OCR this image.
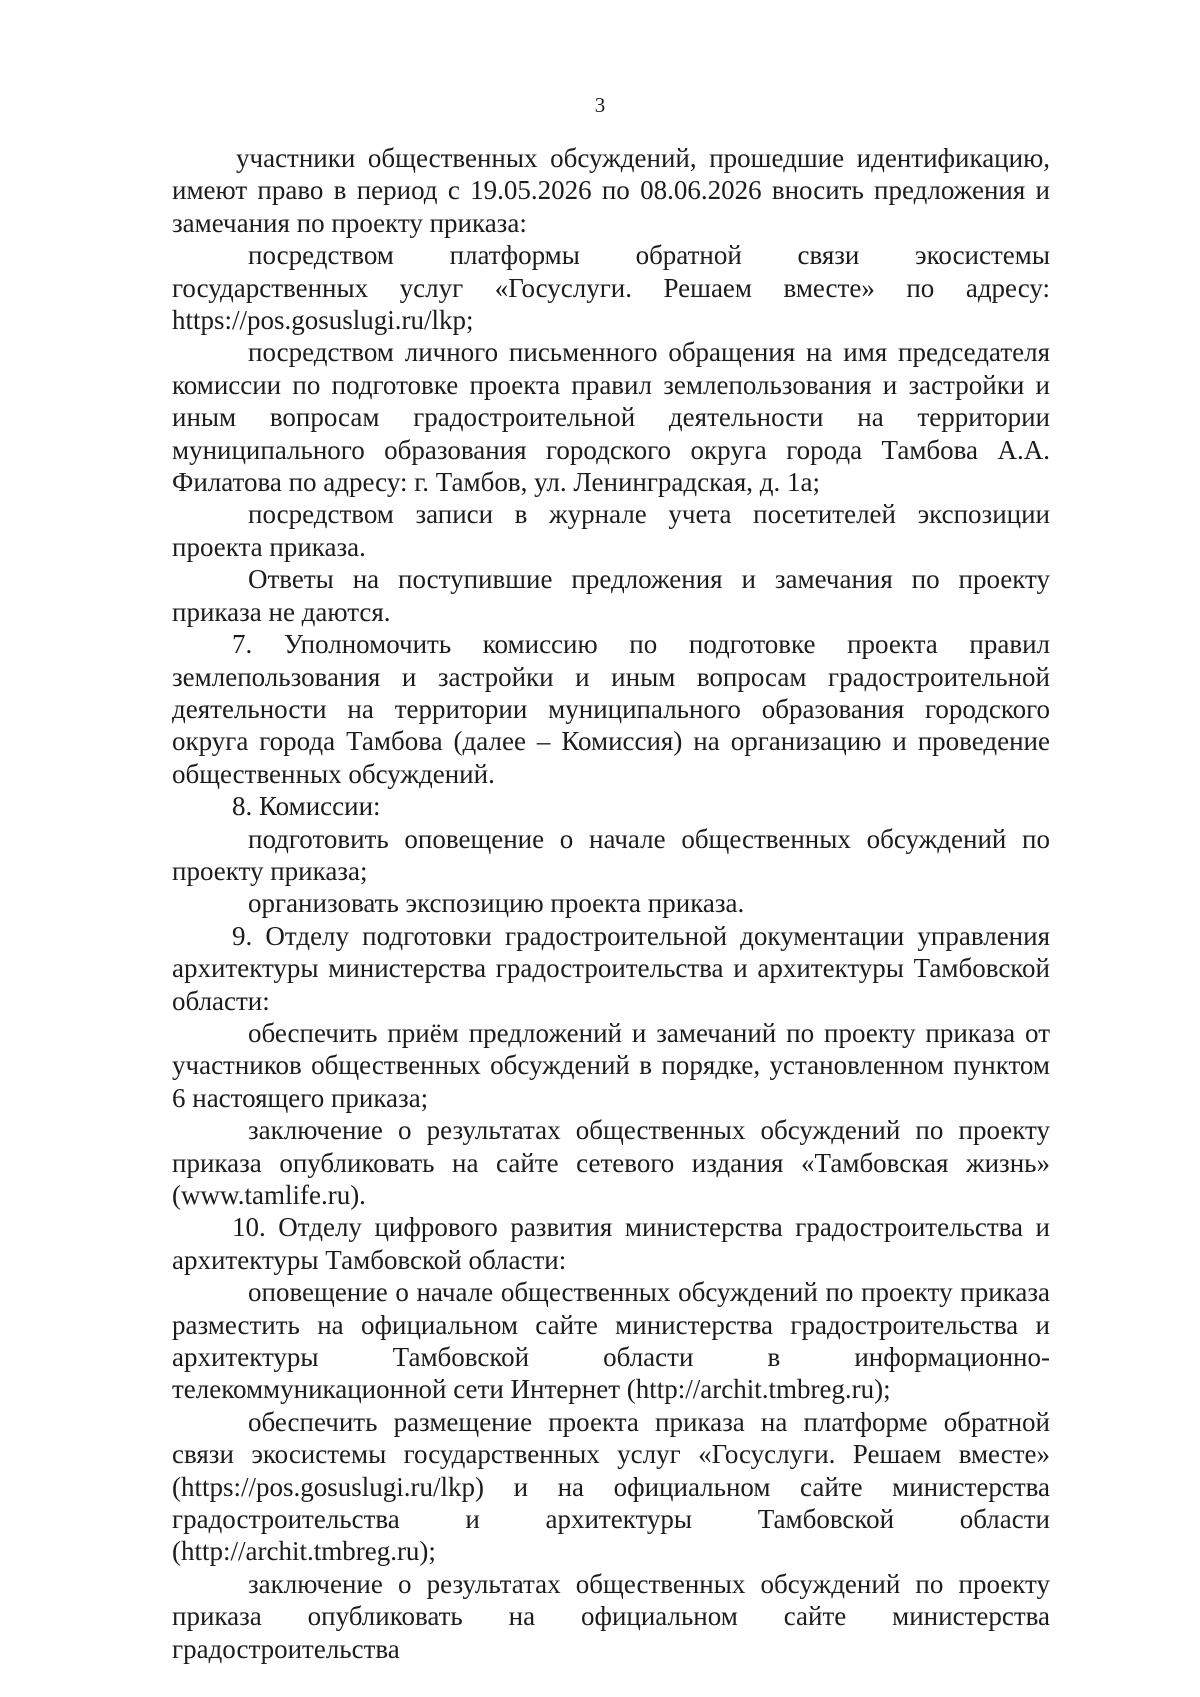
3

участники общественных обсуждений, прошедшие идентификацию, имеют право в период с 19.05.2026 по 08.06.2026 вносить предложения и замечания по проекту приказа:

посредством платформы обратной связи экосистемы государственных услуг «Госуслуги. Решаем вместе» по адресу: https://pos.gosuslugi.ru/lkp;

посредством личного письменного обращения на имя председателя комиссии по подготовке проекта правил землепользования и застройки и иным вопросам градостроительной деятельности на территории муниципального образования городского округа города Тамбова А.А. Филатова по адресу: г. Тамбов, ул. Ленинградская, д. 1а;

посредством записи в журнале учета посетителей экспозиции проекта приказа.

Ответы на поступившие предложения и замечания по проекту приказа не даются.

7. Уполномочить комиссию по подготовке проекта правил землепользования и застройки и иным вопросам градостроительной деятельности на территории муниципального образования городского округа города Тамбова (далее – Комиссия) на организацию и проведение общественных обсуждений.

8. Комиссии:

подготовить оповещение о начале общественных обсуждений по проекту приказа;

организовать экспозицию проекта приказа.

9. Отделу подготовки градостроительной документации управления архитектуры министерства градостроительства и архитектуры Тамбовской области:

обеспечить приём предложений и замечаний по проекту приказа от участников общественных обсуждений в порядке, установленном пунктом 6 настоящего приказа;

заключение о результатах общественных обсуждений по проекту приказа опубликовать на сайте сетевого издания «Тамбовская жизнь» (www.tamlife.ru).

10. Отделу цифрового развития министерства градостроительства и архитектуры Тамбовской области:

оповещение о начале общественных обсуждений по проекту приказа разместить на официальном сайте министерства градостроительства и архитектуры Тамбовской области в информационно-телекоммуникационной сети Интернет (http://archit.tmbreg.ru);

обеспечить размещение проекта приказа на платформе обратной связи экосистемы государственных услуг «Госуслуги. Решаем вместе» (https://pos.gosuslugi.ru/lkp) и на официальном сайте министерства градостроительства и архитектуры Тамбовской области (http://archit.tmbreg.ru);

заключение о результатах общественных обсуждений по проекту приказа опубликовать на официальном сайте министерства градостроительства
